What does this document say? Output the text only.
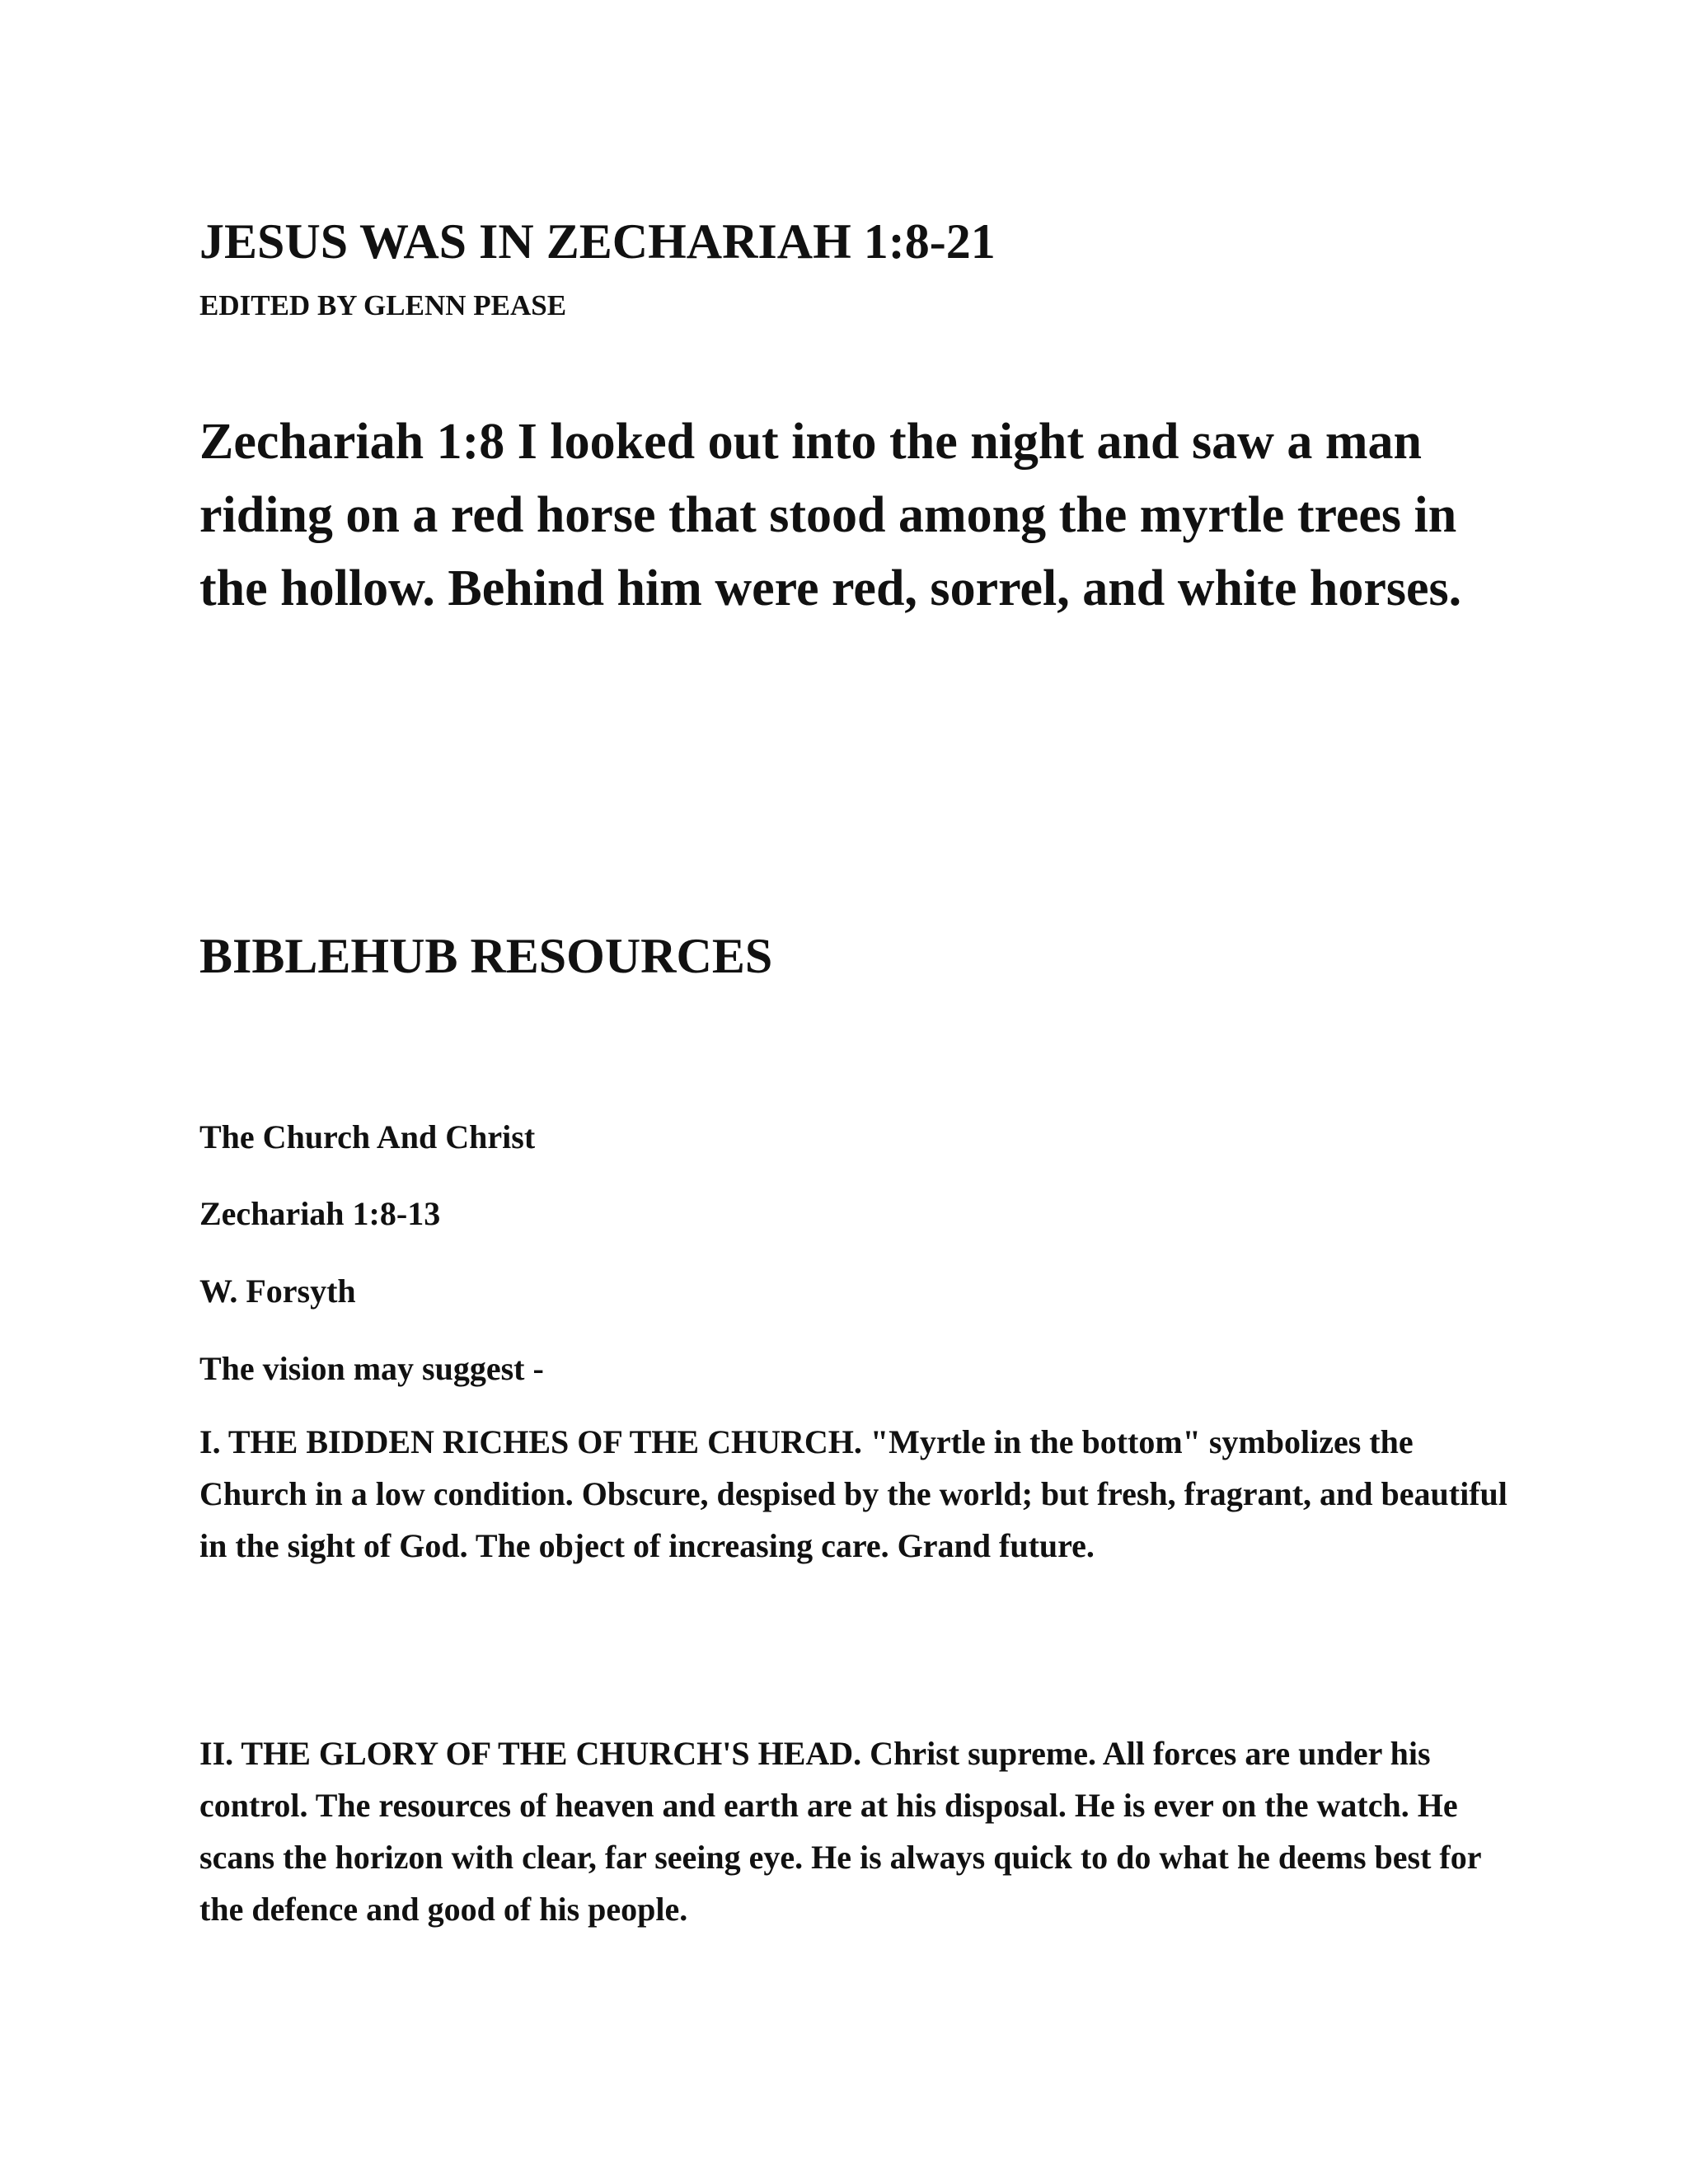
JESUS WAS IN ZECHARIAH 1:8-21
EDITED BY GLENN PEASE

Zechariah 1:8 I looked out into the night and saw a man riding on a red horse that stood among the myrtle trees in the hollow. Behind him were red, sorrel, and white horses.

BIBLEHUB RESOURCES
The Church And Christ
Zechariah 1:8-13
W. Forsyth
The vision may suggest -

I. THE BIDDEN RICHES OF THE CHURCH. "Myrtle in the bottom" symbolizes the Church in a low condition. Obscure, despised by the world; but fresh, fragrant, and beautiful in the sight of God. The object of increasing care. Grand future.

II. THE GLORY OF THE CHURCH'S HEAD. Christ supreme. All forces are under his control. The resources of heaven and earth are at his disposal. He is ever on the watch. He scans the horizon with clear, far seeing eye. He is always quick to do what he deems best for the defence and good of his people.
